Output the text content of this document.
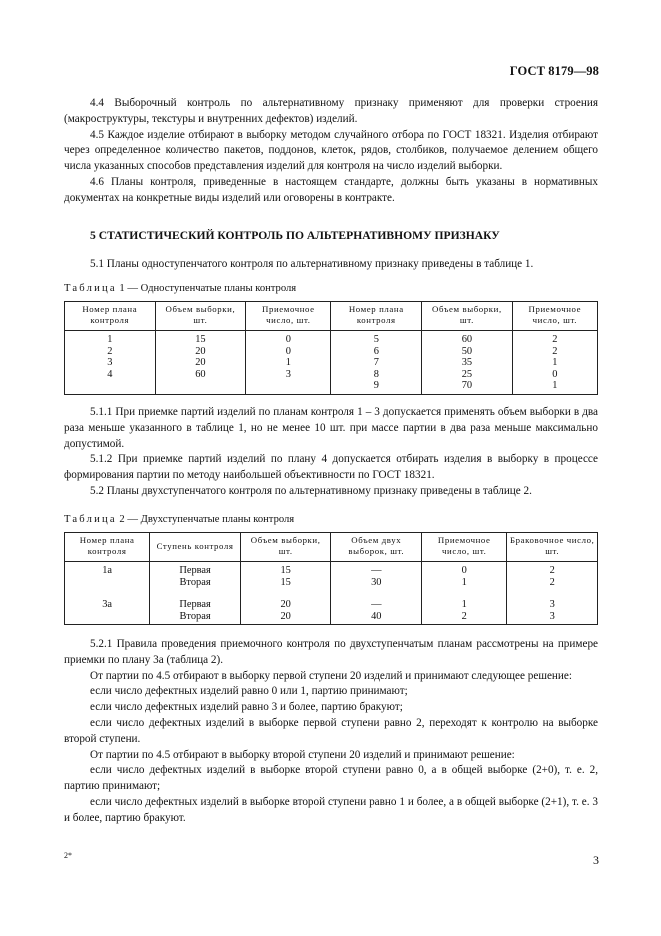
ГОСТ 8179—98

4.4 Выборочный контроль по альтернативному признаку применяют для проверки строения (макроструктуры, текстуры и внутренних дефектов) изделий.

4.5 Каждое изделие отбирают в выборку методом случайного отбора по ГОСТ 18321. Изделия отбирают через определенное количество пакетов, поддонов, клеток, рядов, столбиков, получаемое делением общего числа указанных способов представления изделий для контроля на число изделий выборки.

4.6 Планы контроля, приведенные в настоящем стандарте, должны быть указаны в нормативных документах на конкретные виды изделий или оговорены в контракте.

5 СТАТИСТИЧЕСКИЙ КОНТРОЛЬ ПО АЛЬТЕРНАТИВНОМУ ПРИЗНАКУ

5.1 Планы одноступенчатого контроля по альтернативному признаку приведены в таблице 1.

Таблица 1 — Одноступенчатые планы контроля

Номер плана контроля	Объем выборки, шт.	Приемочное число, шт.	Номер плана контроля	Объем выборки, шт.	Приемочное число, шт.
1	15	0	5	60	2
2	20	0	6	50	2
3	20	1	7	35	1
4	60	3	8	25	0
			9	70	1

5.1.1 При приемке партий изделий по планам контроля 1 – 3 допускается применять объем выборки в два раза меньше указанного в таблице 1, но не менее 10 шт. при массе партии в два раза меньше максимально допустимой.

5.1.2 При приемке партий изделий по плану 4 допускается отбирать изделия в выборку в процессе формирования партии по методу наибольшей объективности по ГОСТ 18321.

5.2 Планы двухступенчатого контроля по альтернативному признаку приведены в таблице 2.

Таблица 2 — Двухступенчатые планы контроля

Номер плана контроля	Ступень контроля	Объем выборки, шт.	Объем двух выборок, шт.	Приемочное число, шт.	Браковочное число, шт.
1а	Первая	15	—	0	2
	Вторая	15	30	1	2

3а	Первая	20	—	1	3
	Вторая	20	40	2	3

5.2.1 Правила проведения приемочного контроля по двухступенчатым планам рассмотрены на примере приемки по плану 3а (таблица 2).

От партии по 4.5 отбирают в выборку первой ступени 20 изделий и принимают следующее решение:

если число дефектных изделий равно 0 или 1, партию принимают;

если число дефектных изделий равно 3 и более, партию бракуют;

если число дефектных изделий в выборке первой ступени равно 2, переходят к контролю на выборке второй ступени.

От партии по 4.5 отбирают в выборку второй ступени 20 изделий и принимают решение:

если число дефектных изделий в выборке второй ступени равно 0, а в общей выборке (2+0), т. е. 2, партию принимают;

если число дефектных изделий в выборке второй ступени равно 1 и более, а в общей выборке (2+1), т. е. 3 и более, партию бракуют.

2*	3
